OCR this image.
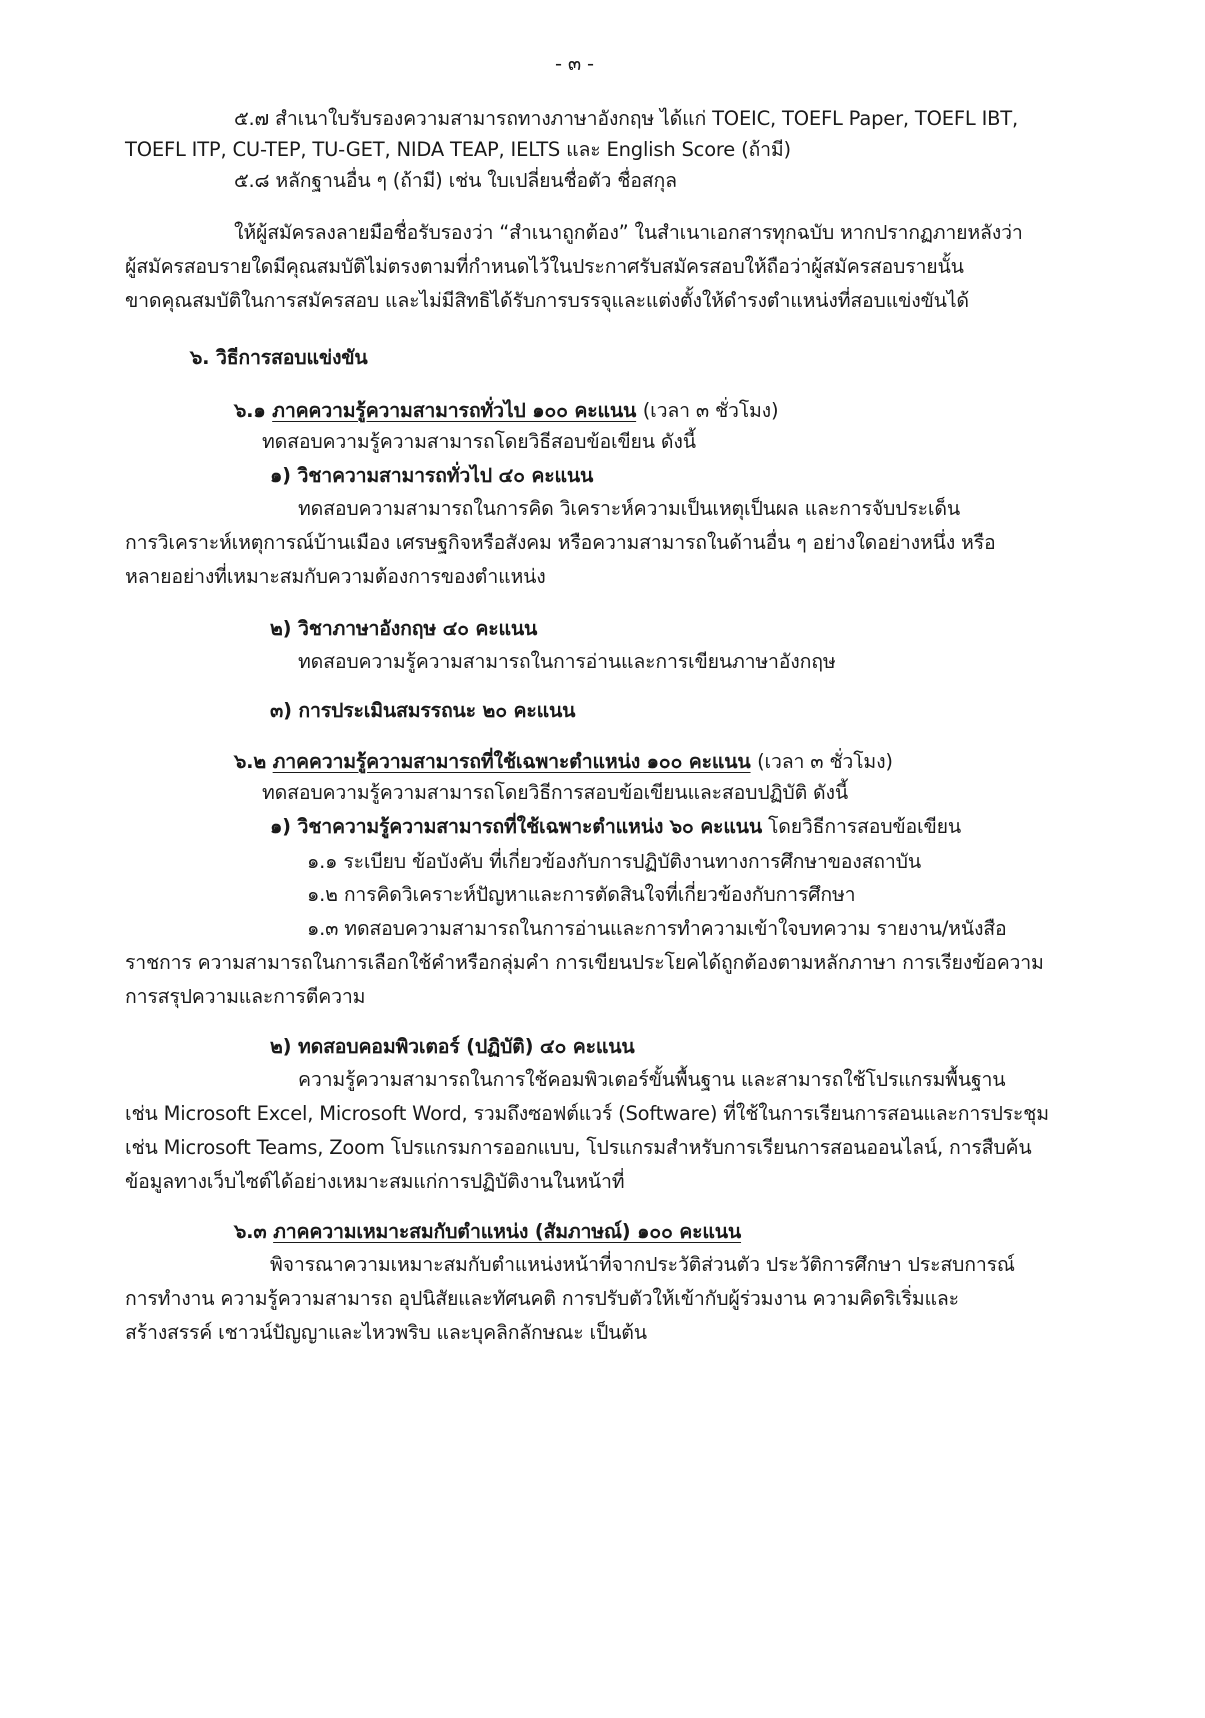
- ๓ -
๕.๗ สำเนาใบรับรองความสามารถทางภาษาอังกฤษ ได้แก่ TOEIC, TOEFL Paper, TOEFL IBT,
TOEFL ITP, CU-TEP, TU-GET, NIDA TEAP, IELTS และ English Score (ถ้ามี)
๕.๘ หลักฐานอื่น ๆ (ถ้ามี) เช่น ใบเปลี่ยนชื่อตัว ชื่อสกุล
ให้ผู้สมัครลงลายมือชื่อรับรองว่า “สำเนาถูกต้อง” ในสำเนาเอกสารทุกฉบับ หากปรากฏภายหลังว่า
ผู้สมัครสอบรายใดมีคุณสมบัติไม่ตรงตามที่กำหนดไว้ในประกาศรับสมัครสอบให้ถือว่าผู้สมัครสอบรายนั้น
ขาดคุณสมบัติในการสมัครสอบ และไม่มีสิทธิได้รับการบรรจุและแต่งตั้งให้ดำรงตำแหน่งที่สอบแข่งขันได้
๖. วิธีการสอบแข่งขัน
๖.๑ ภาคความรู้ความสามารถทั่วไป ๑๐๐ คะแนน (เวลา ๓ ชั่วโมง)
ทดสอบความรู้ความสามารถโดยวิธีสอบข้อเขียน ดังนี้
๑) วิชาความสามารถทั่วไป ๔๐ คะแนน
ทดสอบความสามารถในการคิด วิเคราะห์ความเป็นเหตุเป็นผล และการจับประเด็น
การวิเคราะห์เหตุการณ์บ้านเมือง เศรษฐกิจหรือสังคม หรือความสามารถในด้านอื่น ๆ อย่างใดอย่างหนึ่ง หรือ
หลายอย่างที่เหมาะสมกับความต้องการของตำแหน่ง
๒) วิชาภาษาอังกฤษ ๔๐ คะแนน
ทดสอบความรู้ความสามารถในการอ่านและการเขียนภาษาอังกฤษ
๓) การประเมินสมรรถนะ ๒๐ คะแนน
๖.๒ ภาคความรู้ความสามารถที่ใช้เฉพาะตำแหน่ง ๑๐๐ คะแนน (เวลา ๓ ชั่วโมง)
ทดสอบความรู้ความสามารถโดยวิธีการสอบข้อเขียนและสอบปฏิบัติ ดังนี้
๑) วิชาความรู้ความสามารถที่ใช้เฉพาะตำแหน่ง ๖๐ คะแนน โดยวิธีการสอบข้อเขียน
๑.๑ ระเบียบ ข้อบังคับ ที่เกี่ยวข้องกับการปฏิบัติงานทางการศึกษาของสถาบัน
๑.๒ การคิดวิเคราะห์ปัญหาและการตัดสินใจที่เกี่ยวข้องกับการศึกษา
๑.๓ ทดสอบความสามารถในการอ่านและการทำความเข้าใจบทความ รายงาน/หนังสือ
ราชการ ความสามารถในการเลือกใช้คำหรือกลุ่มคำ การเขียนประโยคได้ถูกต้องตามหลักภาษา การเรียงข้อความ
การสรุปความและการตีความ
๒) ทดสอบคอมพิวเตอร์ (ปฏิบัติ) ๔๐ คะแนน
ความรู้ความสามารถในการใช้คอมพิวเตอร์ขั้นพื้นฐาน และสามารถใช้โปรแกรมพื้นฐาน
เช่น Microsoft Excel, Microsoft Word, รวมถึงซอฟต์แวร์ (Software) ที่ใช้ในการเรียนการสอนและการประชุม
เช่น Microsoft Teams, Zoom โปรแกรมการออกแบบ, โปรแกรมสำหรับการเรียนการสอนออนไลน์, การสืบค้น
ข้อมูลทางเว็บไซต์ได้อย่างเหมาะสมแก่การปฏิบัติงานในหน้าที่
๖.๓ ภาคความเหมาะสมกับตำแหน่ง (สัมภาษณ์) ๑๐๐ คะแนน
พิจารณาความเหมาะสมกับตำแหน่งหน้าที่จากประวัติส่วนตัว ประวัติการศึกษา ประสบการณ์
การทำงาน ความรู้ความสามารถ อุปนิสัยและทัศนคติ การปรับตัวให้เข้ากับผู้ร่วมงาน ความคิดริเริ่มและ
สร้างสรรค์ เชาวน์ปัญญาและไหวพริบ และบุคลิกลักษณะ เป็นต้น
